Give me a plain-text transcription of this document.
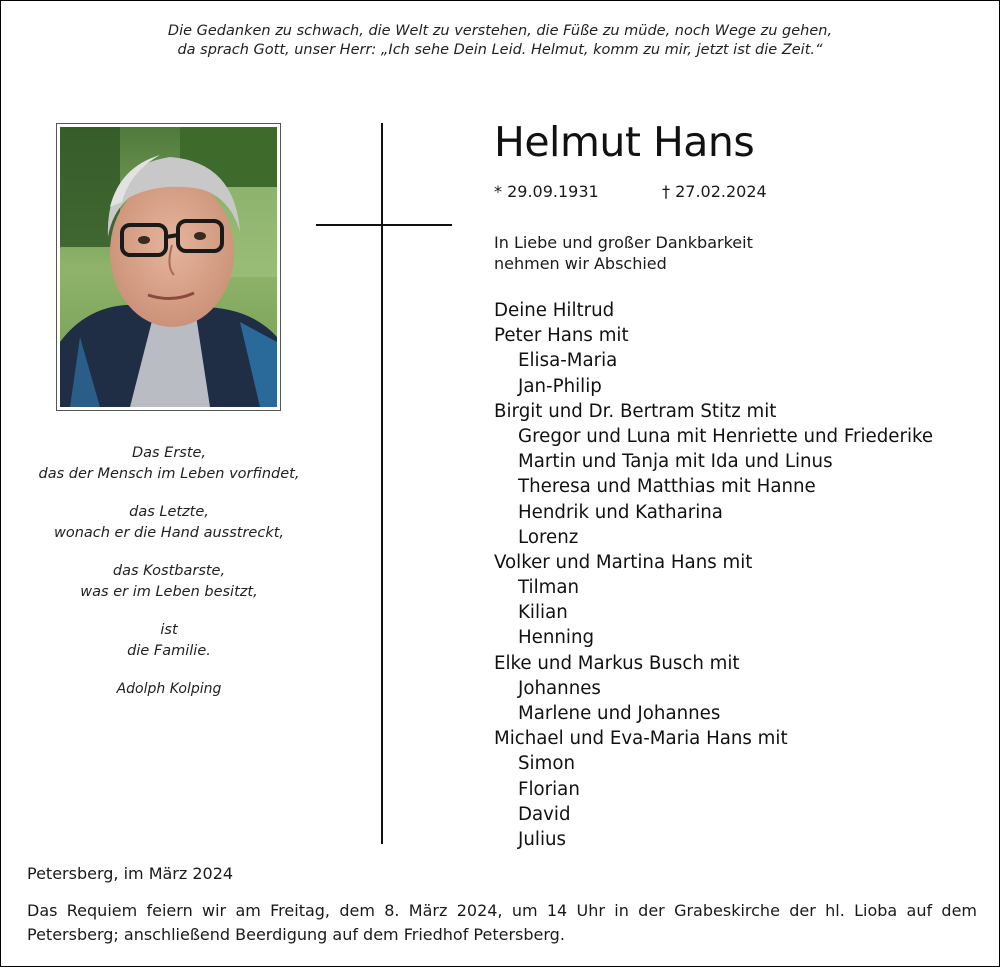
Die Gedanken zu schwach, die Welt zu verstehen, die Füße zu müde, noch Wege zu gehen,
da sprach Gott, unser Herr: „Ich sehe Dein Leid. Helmut, komm zu mir, jetzt ist die Zeit.“
Helmut Hans
* 29.09.1931	† 27.02.2024
In Liebe und großer Dankbarkeit
nehmen wir Abschied
Deine Hiltrud
Peter Hans mit
Elisa-Maria
Jan-Philip
Birgit und Dr. Bertram Stitz mit
Gregor und Luna mit Henriette und Friederike
Martin und Tanja mit Ida und Linus
Theresa und Matthias mit Hanne
Hendrik und Katharina
Lorenz
Volker und Martina Hans mit
Tilman
Kilian
Henning
Elke und Markus Busch mit
Johannes
Marlene und Johannes
Michael und Eva-Maria Hans mit
Simon
Florian
David
Julius
Das Erste,
das der Mensch im Leben vorfindet,
das Letzte,
wonach er die Hand ausstreckt,
das Kostbarste,
was er im Leben besitzt,
ist
die Familie.
Adolph Kolping
Petersberg, im März 2024
Das Requiem feiern wir am Freitag, dem 8. März 2024, um 14 Uhr in der Grabeskirche der hl. Lioba auf dem Petersberg; anschließend Beerdigung auf dem Friedhof Petersberg.
